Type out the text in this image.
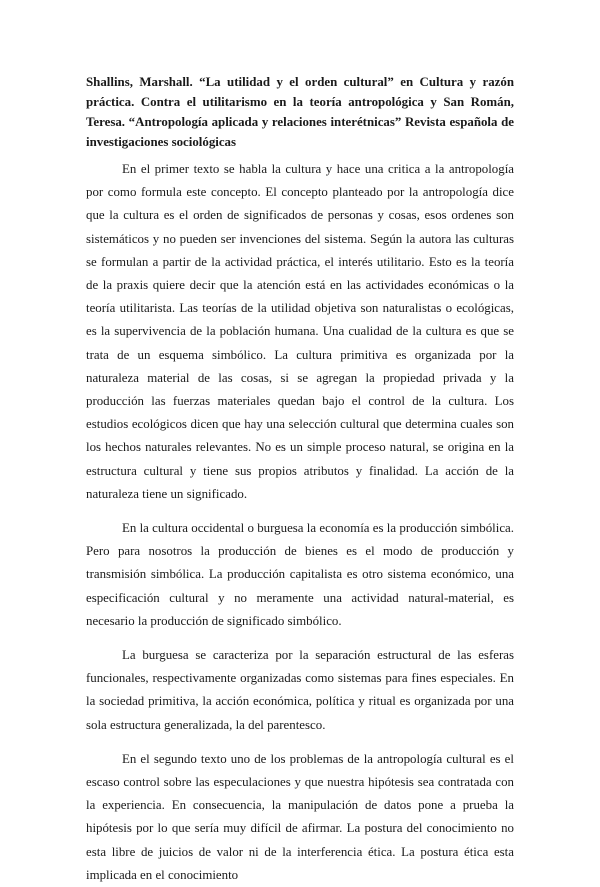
Shallins, Marshall. “La utilidad y el orden cultural” en Cultura y razón práctica. Contra el utilitarismo en la teoría antropológica y San Román, Teresa. “Antropología aplicada y relaciones interétnicas” Revista española de investigaciones sociológicas

En el primer texto se habla la cultura y hace una critica a la antropología por como formula este concepto. El concepto planteado por la antropología dice que la cultura es el orden de significados de personas y cosas, esos ordenes son sistemáticos y no pueden ser invenciones del sistema. Según la autora las culturas se formulan a partir de la actividad práctica, el interés utilitario. Esto es la teoría de la praxis quiere decir que la atención está en las actividades económicas o la teoría utilitarista. Las teorías de la utilidad objetiva son naturalistas o ecológicas, es la supervivencia de la población humana. Una cualidad de la cultura es que se trata de un esquema simbólico. La cultura primitiva es organizada por la naturaleza material de las cosas, si se agregan la propiedad privada y la producción las fuerzas materiales quedan bajo el control de la cultura. Los estudios ecológicos dicen que hay una selección cultural que determina cuales son los hechos naturales relevantes. No es un simple proceso natural, se origina en la estructura cultural y tiene sus propios atributos y finalidad. La acción de la naturaleza tiene un significado.

En la cultura occidental o burguesa la economía es la producción simbólica. Pero para nosotros la producción de bienes es el modo de producción y transmisión simbólica. La producción capitalista es otro sistema económico, una especificación cultural y no meramente una actividad natural-material, es necesario la producción de significado simbólico.

La burguesa se caracteriza por la separación estructural de las esferas funcionales, respectivamente organizadas como sistemas para fines especiales. En la sociedad primitiva, la acción económica, política y ritual es organizada por una sola estructura generalizada, la del parentesco.

En el segundo texto uno de los problemas de la antropología cultural es el escaso control sobre las especulaciones y que nuestra hipótesis sea contratada con la experiencia. En consecuencia, la manipulación de datos pone a prueba la hipótesis por lo que sería muy difícil de afirmar. La postura del conocimiento no esta libre de juicios de valor ni de la interferencia ética. La postura ética esta implicada en el conocimiento
